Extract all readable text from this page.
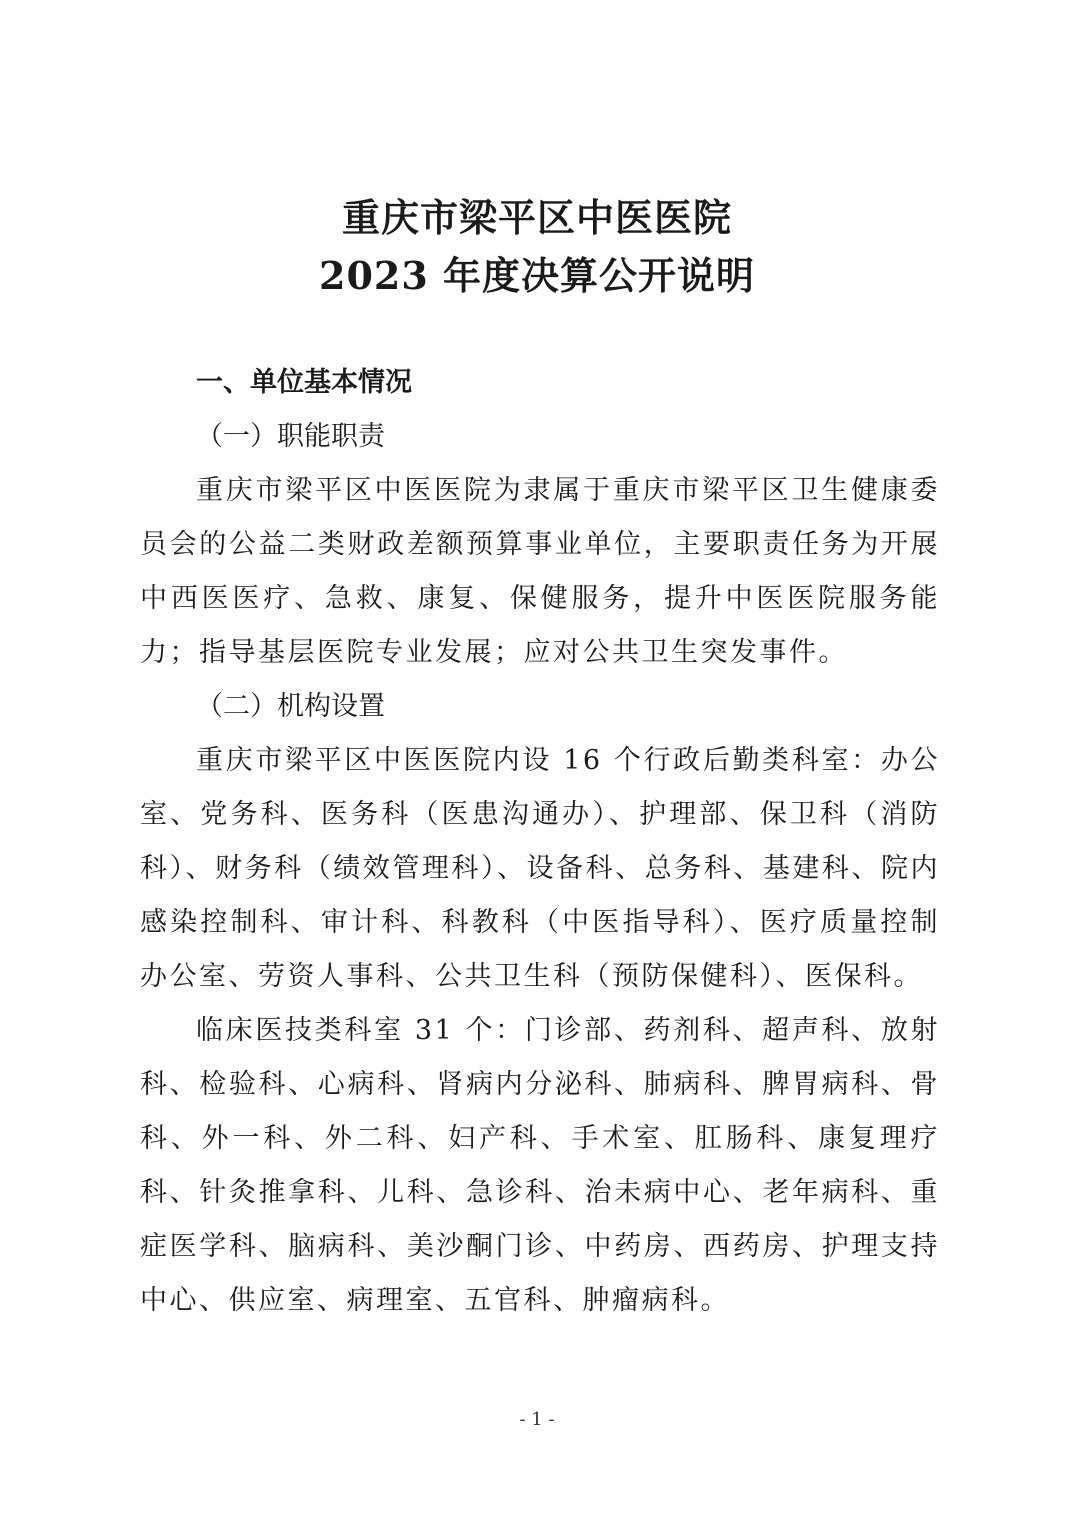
重庆市梁平区中医医院
2023 年度决算公开说明

一、单位基本情况

（一）职能职责

重庆市梁平区中医医院为隶属于重庆市梁平区卫生健康委员会的公益二类财政差额预算事业单位，主要职责任务为开展中西医医疗、急救、康复、保健服务，提升中医医院服务能力；指导基层医院专业发展；应对公共卫生突发事件。

（二）机构设置

重庆市梁平区中医医院内设 16 个行政后勤类科室：办公室、党务科、医务科（医患沟通办）、护理部、保卫科（消防科）、财务科（绩效管理科）、设备科、总务科、基建科、院内感染控制科、审计科、科教科（中医指导科）、医疗质量控制办公室、劳资人事科、公共卫生科（预防保健科）、医保科。

临床医技类科室 31 个：门诊部、药剂科、超声科、放射科、检验科、心病科、肾病内分泌科、肺病科、脾胃病科、骨科、外一科、外二科、妇产科、手术室、肛肠科、康复理疗科、针灸推拿科、儿科、急诊科、治未病中心、老年病科、重症医学科、脑病科、美沙酮门诊、中药房、西药房、护理支持中心、供应室、病理室、五官科、肿瘤病科。

- 1 -
